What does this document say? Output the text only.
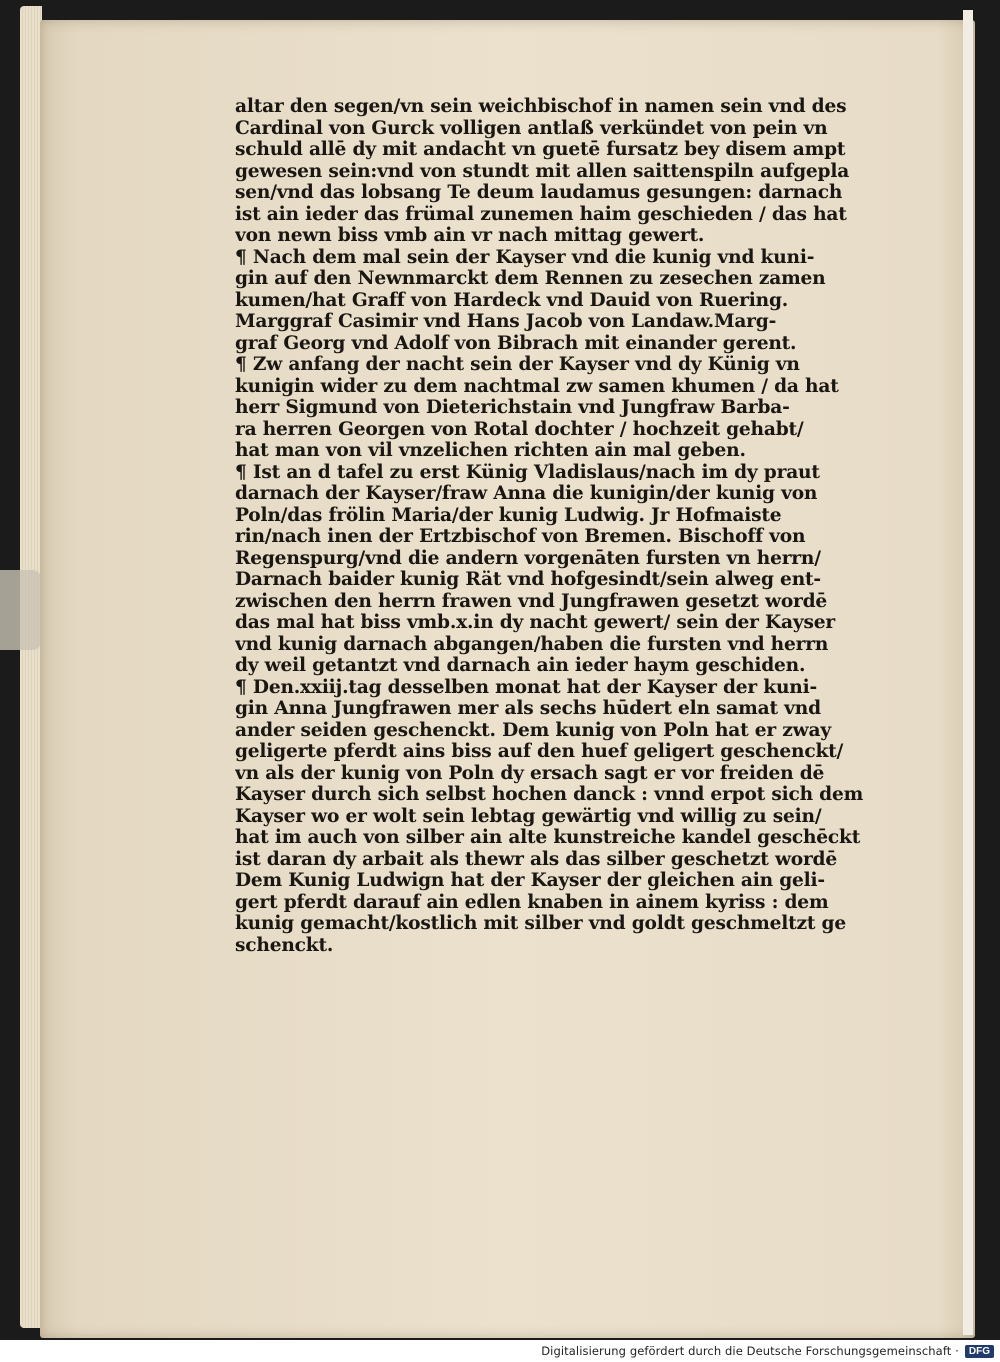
altar den segen/vn sein weichbischof in namen sein vnd des
Cardinal von Gurck volligen antlaß verkündet von pein vn
schuld allē dy mit andacht vn guetē fursatz bey disem ampt
gewesen sein:vnd von stundt mit allen saittenspiln aufgepla
sen/vnd das lobsang Te deum laudamus gesungen: darnach
ist ain ieder das frümal zunemen haim geschieden / das hat
von newn biss vmb ain vr nach mittag gewert.
¶ Nach dem mal sein der Kayser vnd die kunig vnd kuni-
gin auf den Newnmarckt dem Rennen zu zesechen zamen
kumen/hat Graff von Hardeck vnd Dauid von Ruering.
Marggraf Casimir vnd Hans Jacob von Landaw.Marg-
graf Georg vnd Adolf von Bibrach mit einander gerent.
¶ Zw anfang der nacht sein der Kayser vnd dy Künig vn
kunigin wider zu dem nachtmal zw samen khumen / da hat
herr Sigmund von Dieterichstain vnd Jungfraw Barba-
ra herren Georgen von Rotal dochter / hochzeit gehabt/
hat man von vil vnzelichen richten ain mal geben.
¶ Ist an d tafel zu erst Künig Vladislaus/nach im dy praut
darnach der Kayser/fraw Anna die kunigin/der kunig von
Poln/das frölin Maria/der kunig Ludwig. Jr Hofmaiste
rin/nach inen der Ertzbischof von Bremen. Bischoff von
Regenspurg/vnd die andern vorgenāten fursten vn herrn/
Darnach baider kunig Rät vnd hofgesindt/sein alweg ent-
zwischen den herrn frawen vnd Jungfrawen gesetzt wordē
das mal hat biss vmb.x.in dy nacht gewert/ sein der Kayser
vnd kunig darnach abgangen/haben die fursten vnd herrn
dy weil getantzt vnd darnach ain ieder haym geschiden.
¶ Den.xxiij.tag desselben monat hat der Kayser der kuni-
gin Anna Jungfrawen mer als sechs hūdert eln samat vnd
ander seiden geschenckt. Dem kunig von Poln hat er zway
geligerte pferdt ains biss auf den huef geligert geschenckt/
vn als der kunig von Poln dy ersach sagt er vor freiden dē
Kayser durch sich selbst hochen danck : vnnd erpot sich dem
Kayser wo er wolt sein lebtag gewärtig vnd willig zu sein/
hat im auch von silber ain alte kunstreiche kandel geschēckt
ist daran dy arbait als thewr als das silber geschetzt wordē
Dem Kunig Ludwign hat der Kayser der gleichen ain geli-
gert pferdt darauf ain edlen knaben in ainem kyriss : dem
kunig gemacht/kostlich mit silber vnd goldt geschmeltzt ge
schenckt.
Digitalisierung gefördert durch die Deutsche Forschungsgemeinschaft ·	DFG
